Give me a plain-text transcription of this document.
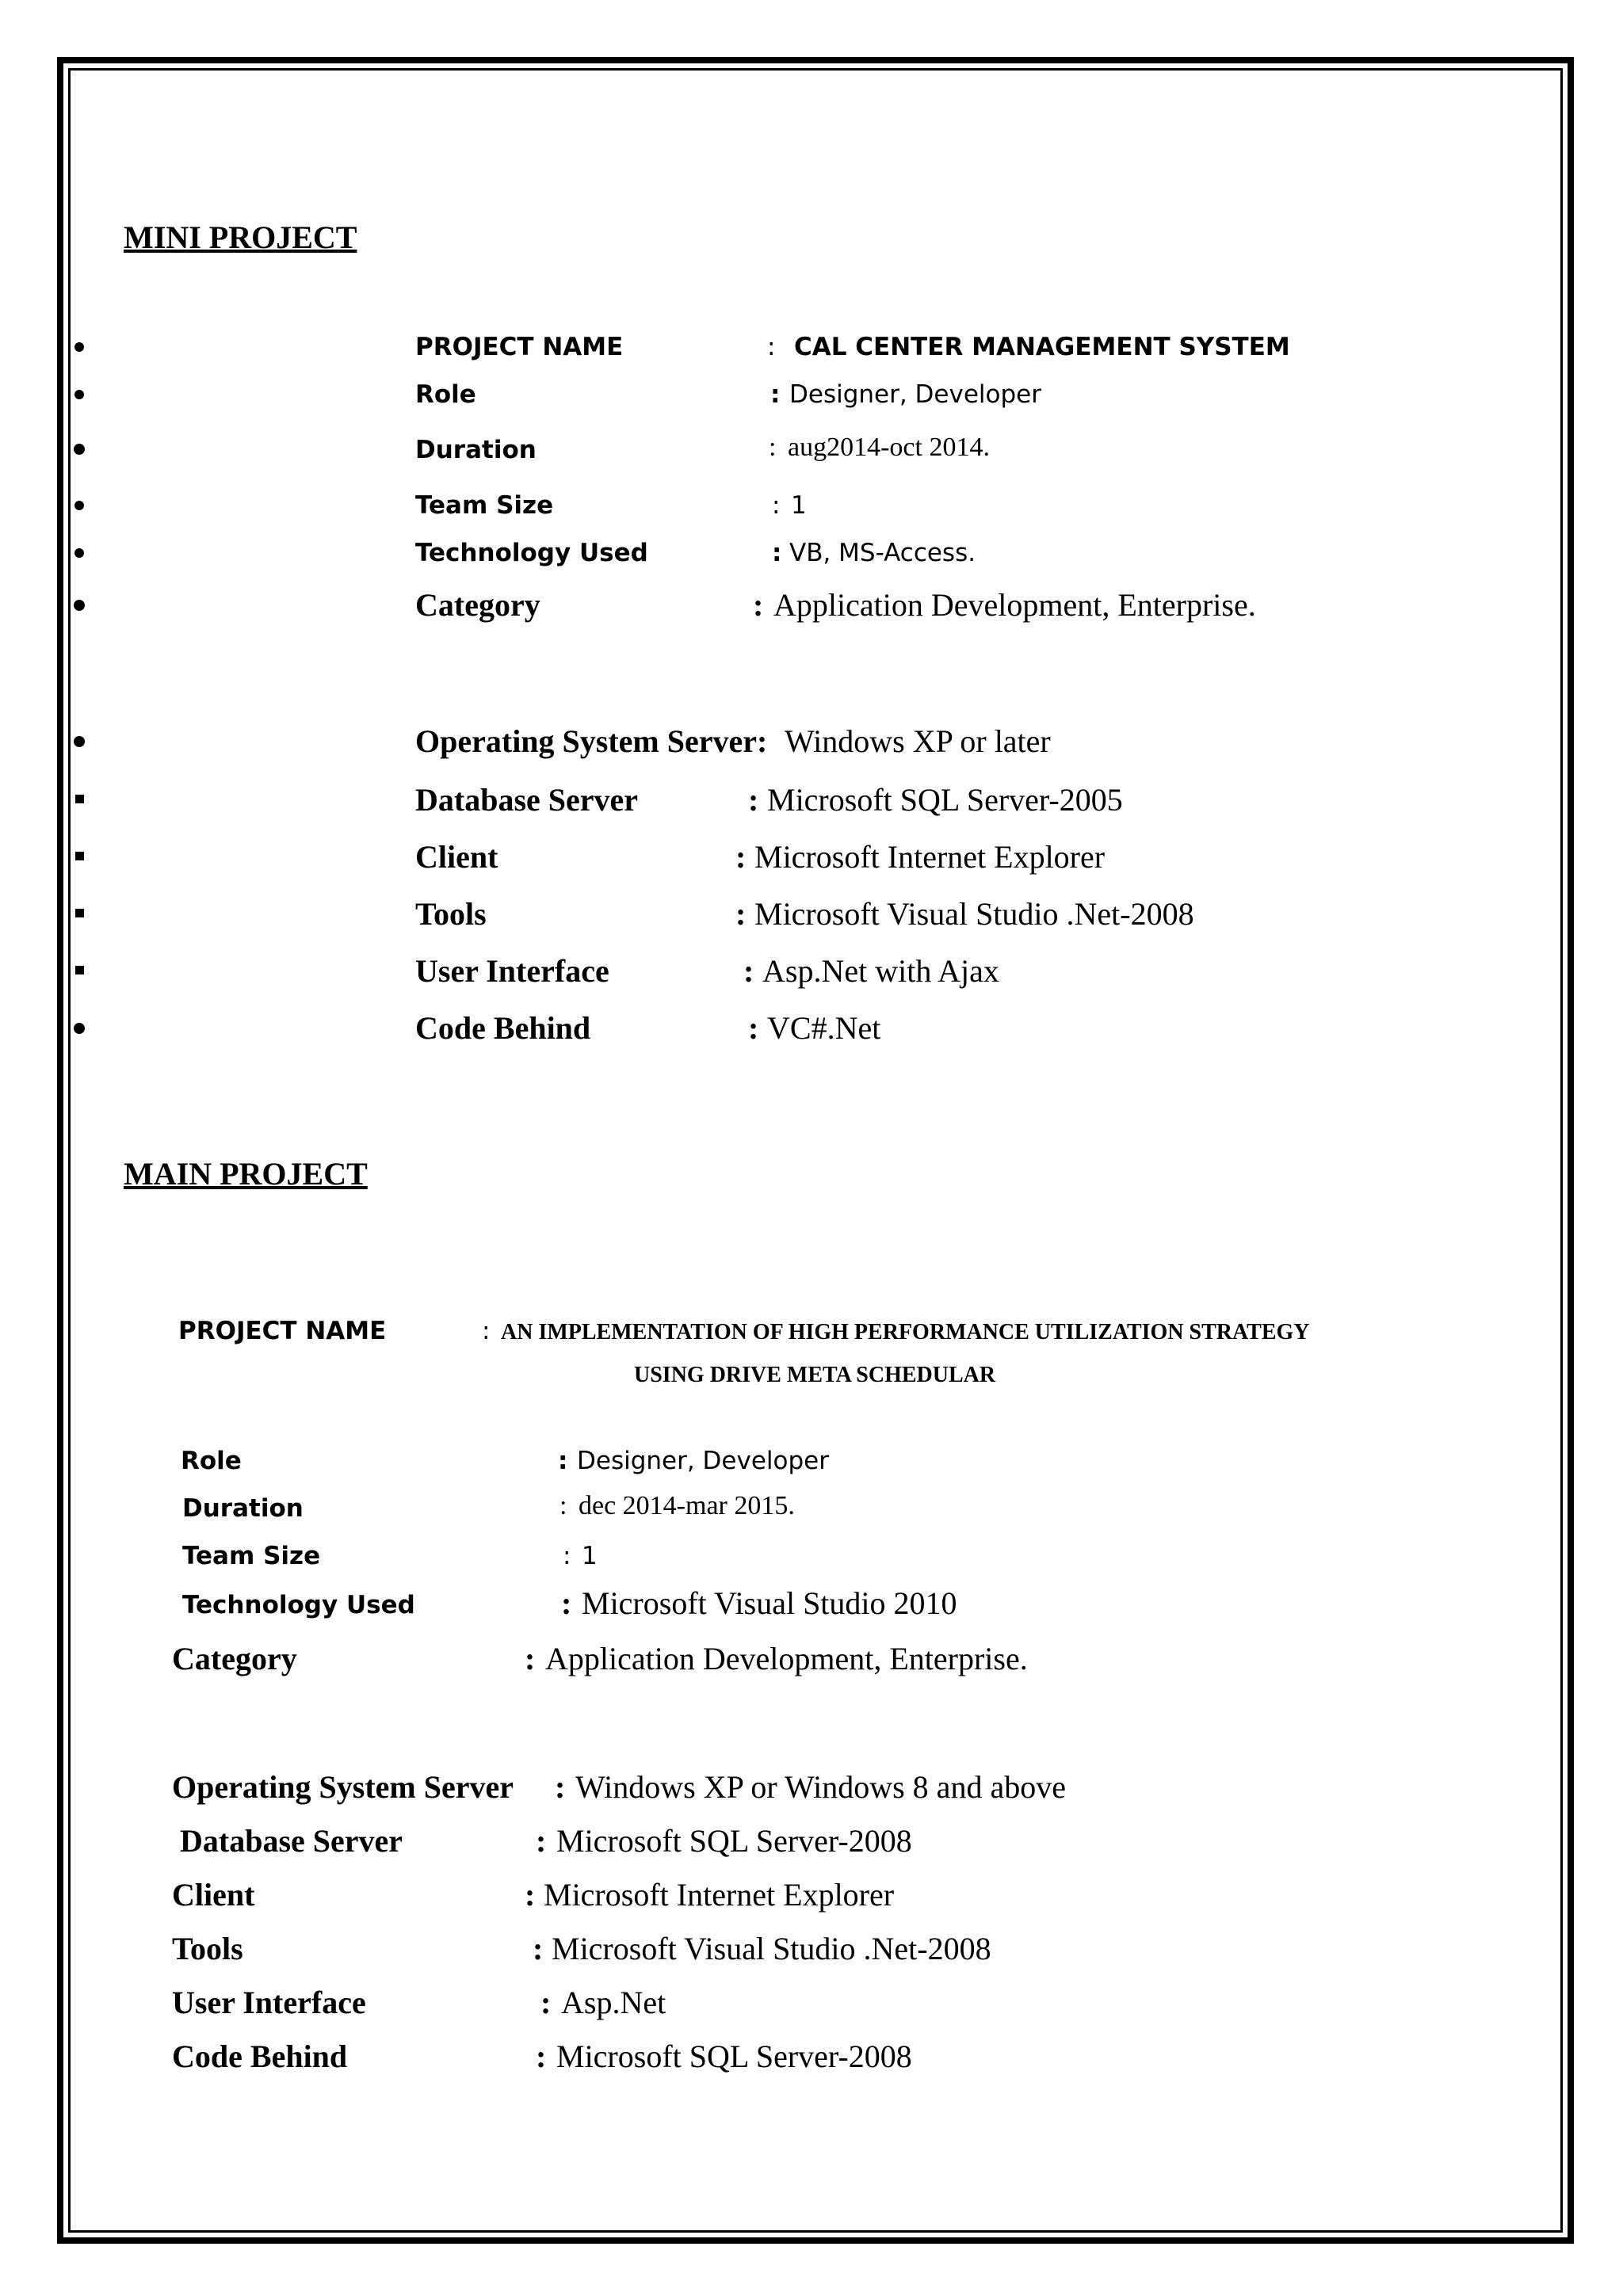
MINI PROJECT
PROJECT NAME	: CAL CENTER MANAGEMENT SYSTEM
Role	: Designer, Developer
Duration	: aug2014-oct 2014.
Team Size	: 1
Technology Used	: VB, MS-Access.
Category	: Application Development, Enterprise.
Operating System Server: Windows XP or later
Database Server	: Microsoft SQL Server-2005
Client	: Microsoft Internet Explorer
Tools	: Microsoft Visual Studio .Net-2008
User Interface	: Asp.Net with Ajax
Code Behind	: VC#.Net
MAIN PROJECT
PROJECT NAME	: AN IMPLEMENTATION OF HIGH PERFORMANCE UTILIZATION STRATEGY
USING DRIVE META SCHEDULAR
Role	: Designer, Developer
Duration	: dec 2014-mar 2015.
Team Size	: 1
Technology Used	: Microsoft Visual Studio 2010
Category	: Application Development, Enterprise.
Operating System Server : Windows XP or Windows 8 and above
Database Server	: Microsoft SQL Server-2008
Client	: Microsoft Internet Explorer
Tools	: Microsoft Visual Studio .Net-2008
User Interface	: Asp.Net
Code Behind	: Microsoft SQL Server-2008
